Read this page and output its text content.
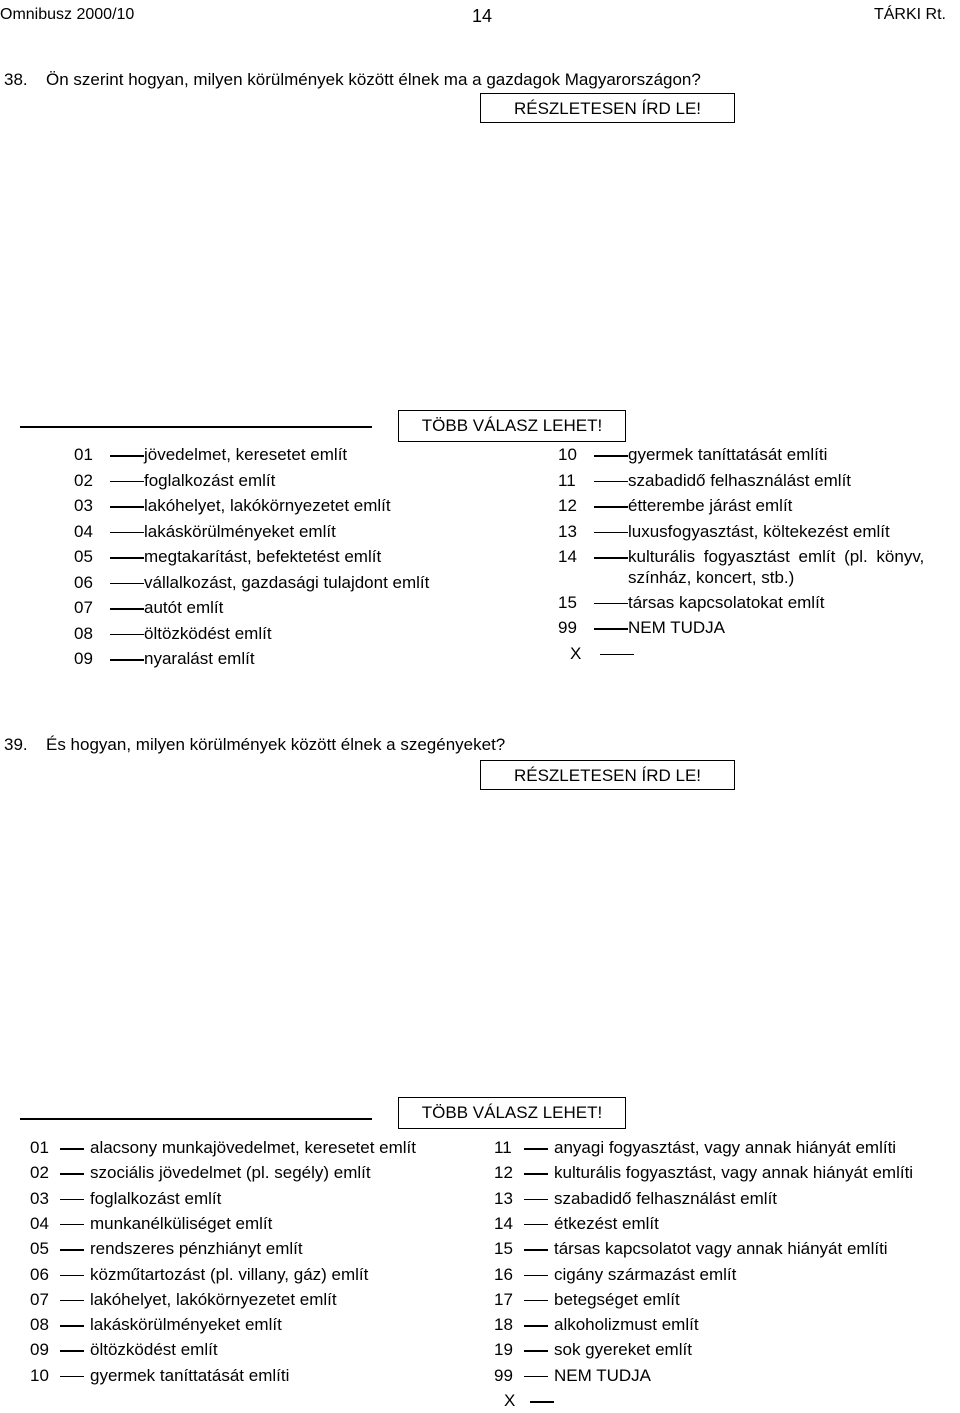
Omnibusz 2000/10	14	TÁRKI Rt.
38. Ön szerint hogyan, milyen körülmények között élnek ma a gazdagok Magyarországon?
RÉSZLETESEN ÍRD LE!
TÖBB VÁLASZ LEHET!
01	jövedelmet, keresetet említ
02	foglalkozást említ
03	lakóhelyet, lakókörnyezetet említ
04	lakáskörülményeket említ
05	megtakarítást, befektetést említ
06	vállalkozást, gazdasági tulajdont említ
07	autót említ
08	öltözködést említ
09	nyaralást említ
10	gyermek taníttatását említi
11	szabadidő felhasználást említ
12	étterembe járást említ
13	luxusfogyasztást, költekezést említ
14	kulturális fogyasztást említ (pl. könyv,
színház, koncert, stb.)
15	társas kapcsolatokat említ
99	NEM TUDJA
X
39. És hogyan, milyen körülmények között élnek a szegényeket?
RÉSZLETESEN ÍRD LE!
TÖBB VÁLASZ LEHET!
01 alacsony munkajövedelmet, keresetet említ
02 szociális jövedelmet (pl. segély) említ
03 foglalkozást említ
04 munkanélküliséget említ
05 rendszeres pénzhiányt említ
06 közműtartozást (pl. villany, gáz) említ
07 lakóhelyet, lakókörnyezetet említ
08 lakáskörülményeket említ
09 öltözködést említ
10 gyermek taníttatását említi
11 anyagi fogyasztást, vagy annak hiányát említi
12 kulturális fogyasztást, vagy annak hiányát említi
13 szabadidő felhasználást említ
14 étkezést említ
15 társas kapcsolatot vagy annak hiányát említi
16 cigány származást említ
17 betegséget említ
18 alkoholizmust említ
19 sok gyereket említ
99 NEM TUDJA
X
